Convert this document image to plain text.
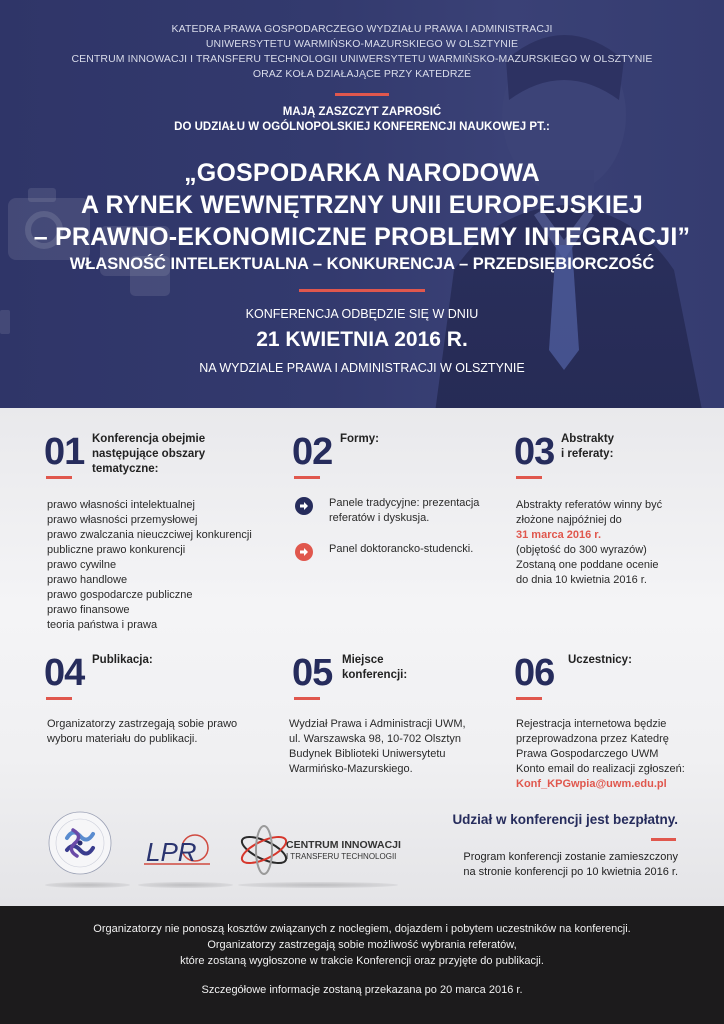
KATEDRA PRAWA GOSPODARCZEGO WYDZIAŁU PRAWA I ADMINISTRACJI
UNIWERSYTETU WARMIŃSKO-MAZURSKIEGO W OLSZTYNIE
CENTRUM INNOWACJI I TRANSFERU TECHNOLOGII UNIWERSYTETU WARMIŃSKO-MAZURSKIEGO W OLSZTYNIE
ORAZ KOŁA DZIAŁAJĄCE PRZY KATEDRZE
MAJĄ ZASZCZYT ZAPROSIĆ
DO UDZIAŁU W OGÓLNOPOLSKIEJ KONFERENCJI NAUKOWEJ PT.:
„GOSPODARKA NARODOWA
A RYNEK WEWNĘTRZNY UNII EUROPEJSKIEJ
– PRAWNO-EKONOMICZNE PROBLEMY INTEGRACJI”
WŁASNOŚĆ INTELEKTUALNA – KONKURENCJA – PRZEDSIĘBIORCZOŚĆ
KONFERENCJA ODBĘDZIE SIĘ W DNIU
21 KWIETNIA 2016 R.
NA WYDZIALE PRAWA I ADMINISTRACJI W OLSZTYNIE
01 Konferencja obejmie
następujące obszary
tematyczne:
prawo własności intelektualnej
prawo własności przemysłowej
prawo zwalczania nieuczciwej konkurencji
publiczne prawo konkurencji
prawo cywilne
prawo handlowe
prawo gospodarcze publiczne
prawo finansowe
teoria państwa i prawa
02 Formy:
Panele tradycyjne: prezentacja
referatów i dyskusja.
Panel doktorancko-studencki.
03 Abstrakty
i referaty:
Abstrakty referatów winny być
złożone najpóźniej do
31 marca 2016 r.
(objętość do 300 wyrazów)
Zostaną one poddane ocenie
do dnia 10 kwietnia 2016 r.
04 Publikacja:
Organizatorzy zastrzegają sobie prawo
wyboru materiału do publikacji.
05 Miejsce
konferencji:
Wydział Prawa i Administracji UWM,
ul. Warszawska 98, 10-702 Olsztyn
Budynek Biblioteki Uniwersytetu
Warmińsko-Mazurskiego.
06 Uczestnicy:
Rejestracja internetowa będzie
przeprowadzona przez Katedrę
Prawa Gospodarczego UWM
Konto email do realizacji zgłoszeń:
Konf_KPGwpia@uwm.edu.pl
LPR	CENTRUM INNOWACJI
I TRANSFERU TECHNOLOGII
Udział w konferencji jest bezpłatny.
Program konferencji zostanie zamieszczony
na stronie konferencji po 10 kwietnia 2016 r.
Organizatorzy nie ponoszą kosztów związanych z noclegiem, dojazdem i pobytem uczestników na konferencji.
Organizatorzy zastrzegają sobie możliwość wybrania referatów,
które zostaną wygłoszone w trakcie Konferencji oraz przyjęte do publikacji.
Szczegółowe informacje zostaną przekazana po 20 marca 2016 r.
